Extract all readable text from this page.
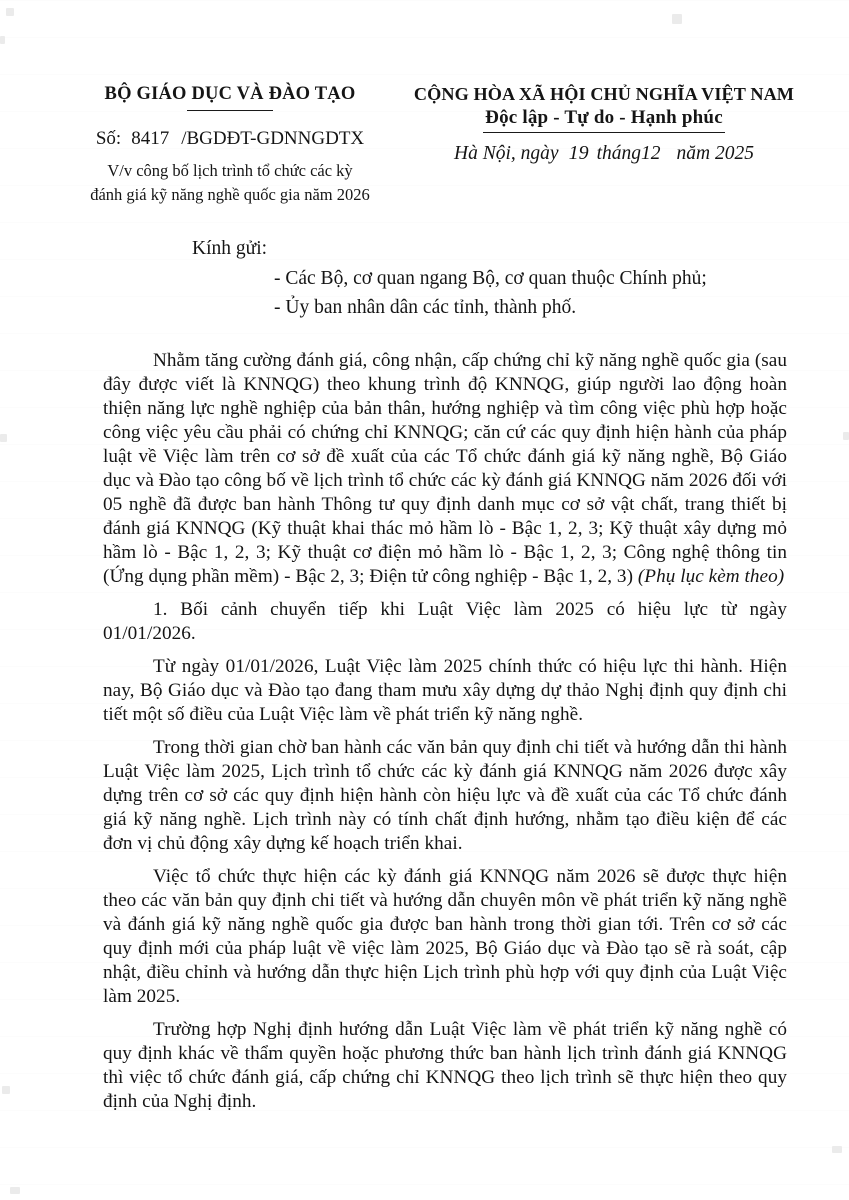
BỘ GIÁO DỤC VÀ ĐÀO TẠO
Số: 8417 /BGDĐT-GDNNGDTX
V/v công bố lịch trình tổ chức các kỳ
đánh giá kỹ năng nghề quốc gia năm 2026
CỘNG HÒA XÃ HỘI CHỦ NGHĨA VIỆT NAM
Độc lập - Tự do - Hạnh phúc
Hà Nội, ngày 19 tháng12 năm 2025
Kính gửi:
- Các Bộ, cơ quan ngang Bộ, cơ quan thuộc Chính phủ;
- Ủy ban nhân dân các tỉnh, thành phố.

Nhằm tăng cường đánh giá, công nhận, cấp chứng chỉ kỹ năng nghề quốc gia (sau đây được viết là KNNQG) theo khung trình độ KNNQG, giúp người lao động hoàn thiện năng lực nghề nghiệp của bản thân, hướng nghiệp và tìm công việc phù hợp hoặc công việc yêu cầu phải có chứng chỉ KNNQG; căn cứ các quy định hiện hành của pháp luật về Việc làm trên cơ sở đề xuất của các Tổ chức đánh giá kỹ năng nghề, Bộ Giáo dục và Đào tạo công bố về lịch trình tổ chức các kỳ đánh giá KNNQG năm 2026 đối với 05 nghề đã được ban hành Thông tư quy định danh mục cơ sở vật chất, trang thiết bị đánh giá KNNQG (Kỹ thuật khai thác mỏ hầm lò - Bậc 1, 2, 3; Kỹ thuật xây dựng mỏ hầm lò - Bậc 1, 2, 3; Kỹ thuật cơ điện mỏ hầm lò - Bậc 1, 2, 3; Công nghệ thông tin (Ứng dụng phần mềm) - Bậc 2, 3; Điện tử công nghiệp - Bậc 1, 2, 3) (Phụ lục kèm theo)

1. Bối cảnh chuyển tiếp khi Luật Việc làm 2025 có hiệu lực từ ngày 01/01/2026.

Từ ngày 01/01/2026, Luật Việc làm 2025 chính thức có hiệu lực thi hành. Hiện nay, Bộ Giáo dục và Đào tạo đang tham mưu xây dựng dự thảo Nghị định quy định chi tiết một số điều của Luật Việc làm về phát triển kỹ năng nghề.

Trong thời gian chờ ban hành các văn bản quy định chi tiết và hướng dẫn thi hành Luật Việc làm 2025, Lịch trình tổ chức các kỳ đánh giá KNNQG năm 2026 được xây dựng trên cơ sở các quy định hiện hành còn hiệu lực và đề xuất của các Tổ chức đánh giá kỹ năng nghề. Lịch trình này có tính chất định hướng, nhằm tạo điều kiện để các đơn vị chủ động xây dựng kế hoạch triển khai.

Việc tổ chức thực hiện các kỳ đánh giá KNNQG năm 2026 sẽ được thực hiện theo các văn bản quy định chi tiết và hướng dẫn chuyên môn về phát triển kỹ năng nghề và đánh giá kỹ năng nghề quốc gia được ban hành trong thời gian tới. Trên cơ sở các quy định mới của pháp luật về việc làm 2025, Bộ Giáo dục và Đào tạo sẽ rà soát, cập nhật, điều chỉnh và hướng dẫn thực hiện Lịch trình phù hợp với quy định của Luật Việc làm 2025.

Trường hợp Nghị định hướng dẫn Luật Việc làm về phát triển kỹ năng nghề có quy định khác về thẩm quyền hoặc phương thức ban hành lịch trình đánh giá KNNQG thì việc tổ chức đánh giá, cấp chứng chỉ KNNQG theo lịch trình sẽ thực hiện theo quy định của Nghị định.
